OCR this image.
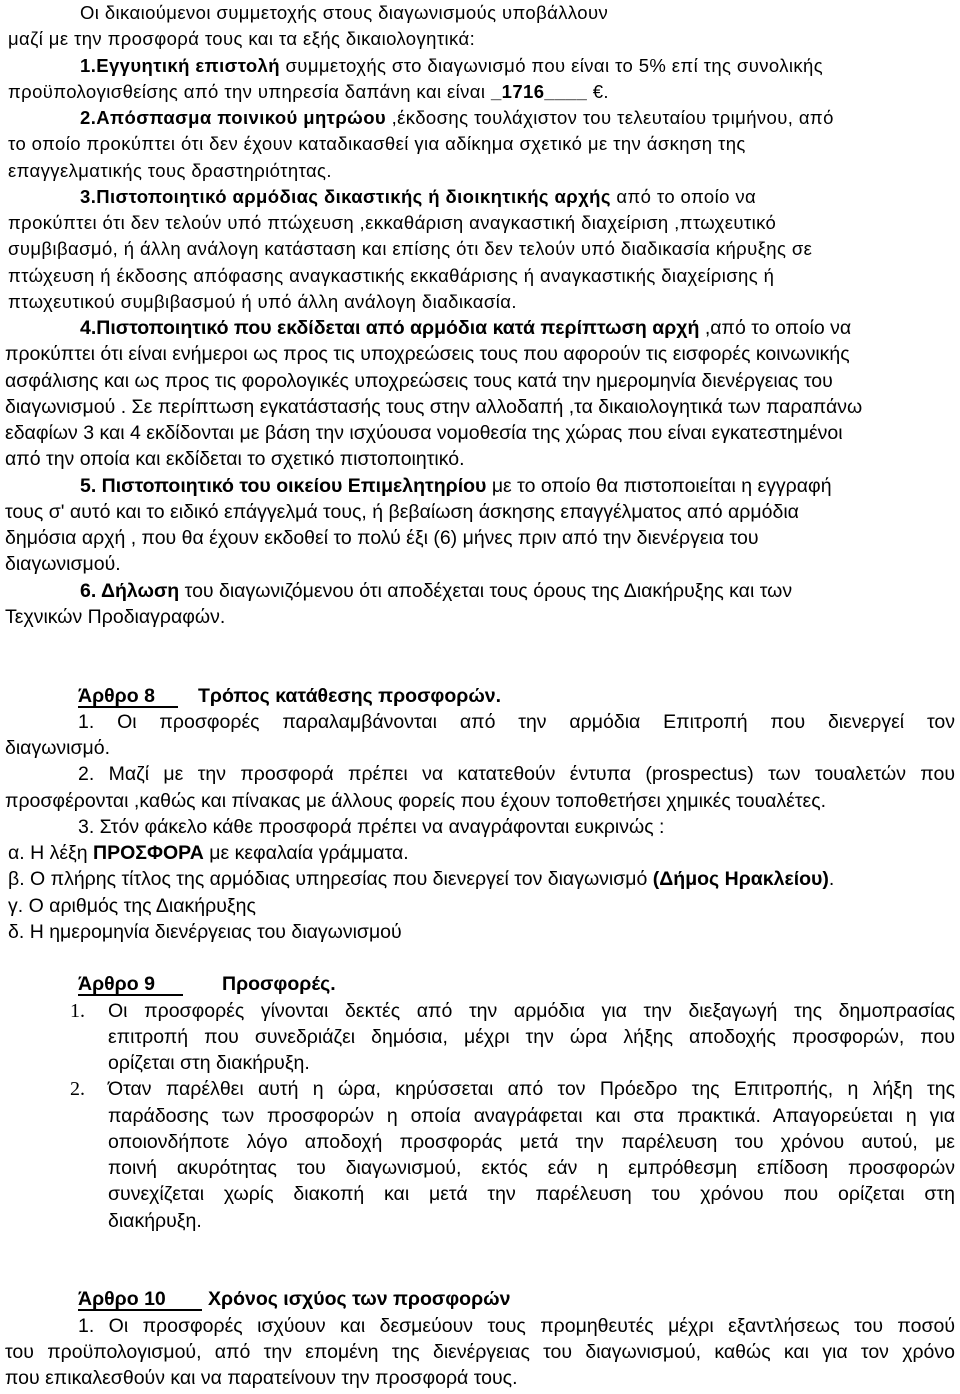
Οι δικαιούμενοι συμμετοχής στους διαγωνισμούς υποβάλλουν
μαζί με την προσφορά τους και τα εξής δικαιολογητικά:
1.Εγγυητική επιστολή συμμετοχής στο διαγωνισμό που είναι το 5% επί της συνολικής
προϋπολογισθείσης από την υπηρεσία δαπάνη και είναι _1716____ €.
2.Απόσπασμα ποινικού μητρώου ,έκδοσης τουλάχιστον του τελευταίου τριμήνου, από
το οποίο προκύπτει ότι δεν έχουν καταδικασθεί για αδίκημα σχετικό με την άσκηση της
επαγγελματικής τους δραστηριότητας.
3.Πιστοποιητικό αρμόδιας δικαστικής ή διοικητικής αρχής από το οποίο να
προκύπτει ότι δεν τελούν υπό πτώχευση ,εκκαθάριση αναγκαστική διαχείριση ,πτωχευτικό
συμβιβασμό, ή άλλη ανάλογη κατάσταση και επίσης ότι δεν τελούν υπό διαδικασία κήρυξης σε
πτώχευση ή έκδοσης απόφασης αναγκαστικής εκκαθάρισης ή αναγκαστικής διαχείρισης ή
πτωχευτικού συμβιβασμού ή υπό άλλη ανάλογη διαδικασία.
4.Πιστοποιητικό που εκδίδεται από αρμόδια κατά περίπτωση αρχή ,από το οποίο να
προκύπτει ότι είναι ενήμεροι ως προς τις υποχρεώσεις τους που αφορούν τις εισφορές κοινωνικής
ασφάλισης και ως προς τις φορολογικές υποχρεώσεις τους κατά την ημερομηνία διενέργειας του
διαγωνισμού . Σε περίπτωση εγκατάστασής τους στην αλλοδαπή ,τα δικαιολογητικά των παραπάνω
εδαφίων 3 και 4 εκδίδονται με βάση την ισχύουσα νομοθεσία της χώρας που είναι εγκατεστημένοι
από την οποία και εκδίδεται το σχετικό πιστοποιητικό.
5. Πιστοποιητικό του οικείου Επιμελητηρίου με το οποίο θα πιστοποιείται η εγγραφή
τους σ' αυτό και το ειδικό επάγγελμά τους, ή βεβαίωση άσκησης επαγγέλματος από αρμόδια
δημόσια αρχή , που θα έχουν εκδοθεί το πολύ έξι (6) μήνες πριν από την διενέργεια του
διαγωνισμού.
6. Δήλωση του διαγωνιζόμενου ότι αποδέχεται τους όρους της Διακήρυξης και των
Τεχνικών Προδιαγραφών.
Άρθρο 8 Τρόπος κατάθεσης προσφορών.
1. Οι προσφορές παραλαμβάνονται από την αρμόδια Επιτροπή που διενεργεί τον
διαγωνισμό.
2. Μαζί με την προσφορά πρέπει να κατατεθούν έντυπα (prospectus) των τουαλετών που
προσφέρονται ,καθώς και πίνακας με άλλους φορείς που έχουν τοποθετήσει χημικές τουαλέτες.
3. Στόν φάκελο κάθε προσφορά πρέπει να αναγράφονται ευκρινώς :
α. Η λέξη ΠΡΟΣΦΟΡΑ με κεφαλαία γράμματα.
β. Ο πλήρης τίτλος της αρμόδιας υπηρεσίας που διενεργεί τον διαγωνισμό (Δήμος Ηρακλείου).
γ. Ο αριθμός της Διακήρυξης
δ. Η ημερομηνία διενέργειας του διαγωνισμού
Άρθρο 9	Προσφορές.
1. Οι προσφορές γίνονται δεκτές από την αρμόδια για την διεξαγωγή της δημοπρασίας
επιτροπή που συνεδριάζει δημόσια, μέχρι την ώρα λήξης αποδοχής προσφορών, που
ορίζεται στη διακήρυξη.
2. Όταν παρέλθει αυτή η ώρα, κηρύσσεται από τον Πρόεδρο της Επιτροπής, η λήξη της
παράδοσης των προσφορών η οποία αναγράφεται και στα πρακτικά. Απαγορεύεται η για
οποιονδήποτε λόγο αποδοχή προσφοράς μετά την παρέλευση του χρόνου αυτού, με
ποινή ακυρότητας του διαγωνισμού, εκτός εάν η εμπρόθεσμη επίδοση προσφορών
συνεχίζεται χωρίς διακοπή και μετά την παρέλευση του χρόνου που ορίζεται στη
διακήρυξη.
Άρθρο 10 Χρόνος ισχύος των προσφορών
1. Οι προσφορές ισχύουν και δεσμεύουν τους προμηθευτές μέχρι εξαντλήσεως του ποσού
του προϋπολογισμού, από την επομένη της διενέργειας του διαγωνισμού, καθώς και για τον χρόνο
που επικαλεσθούν και να παρατείνουν την προσφορά τους.
